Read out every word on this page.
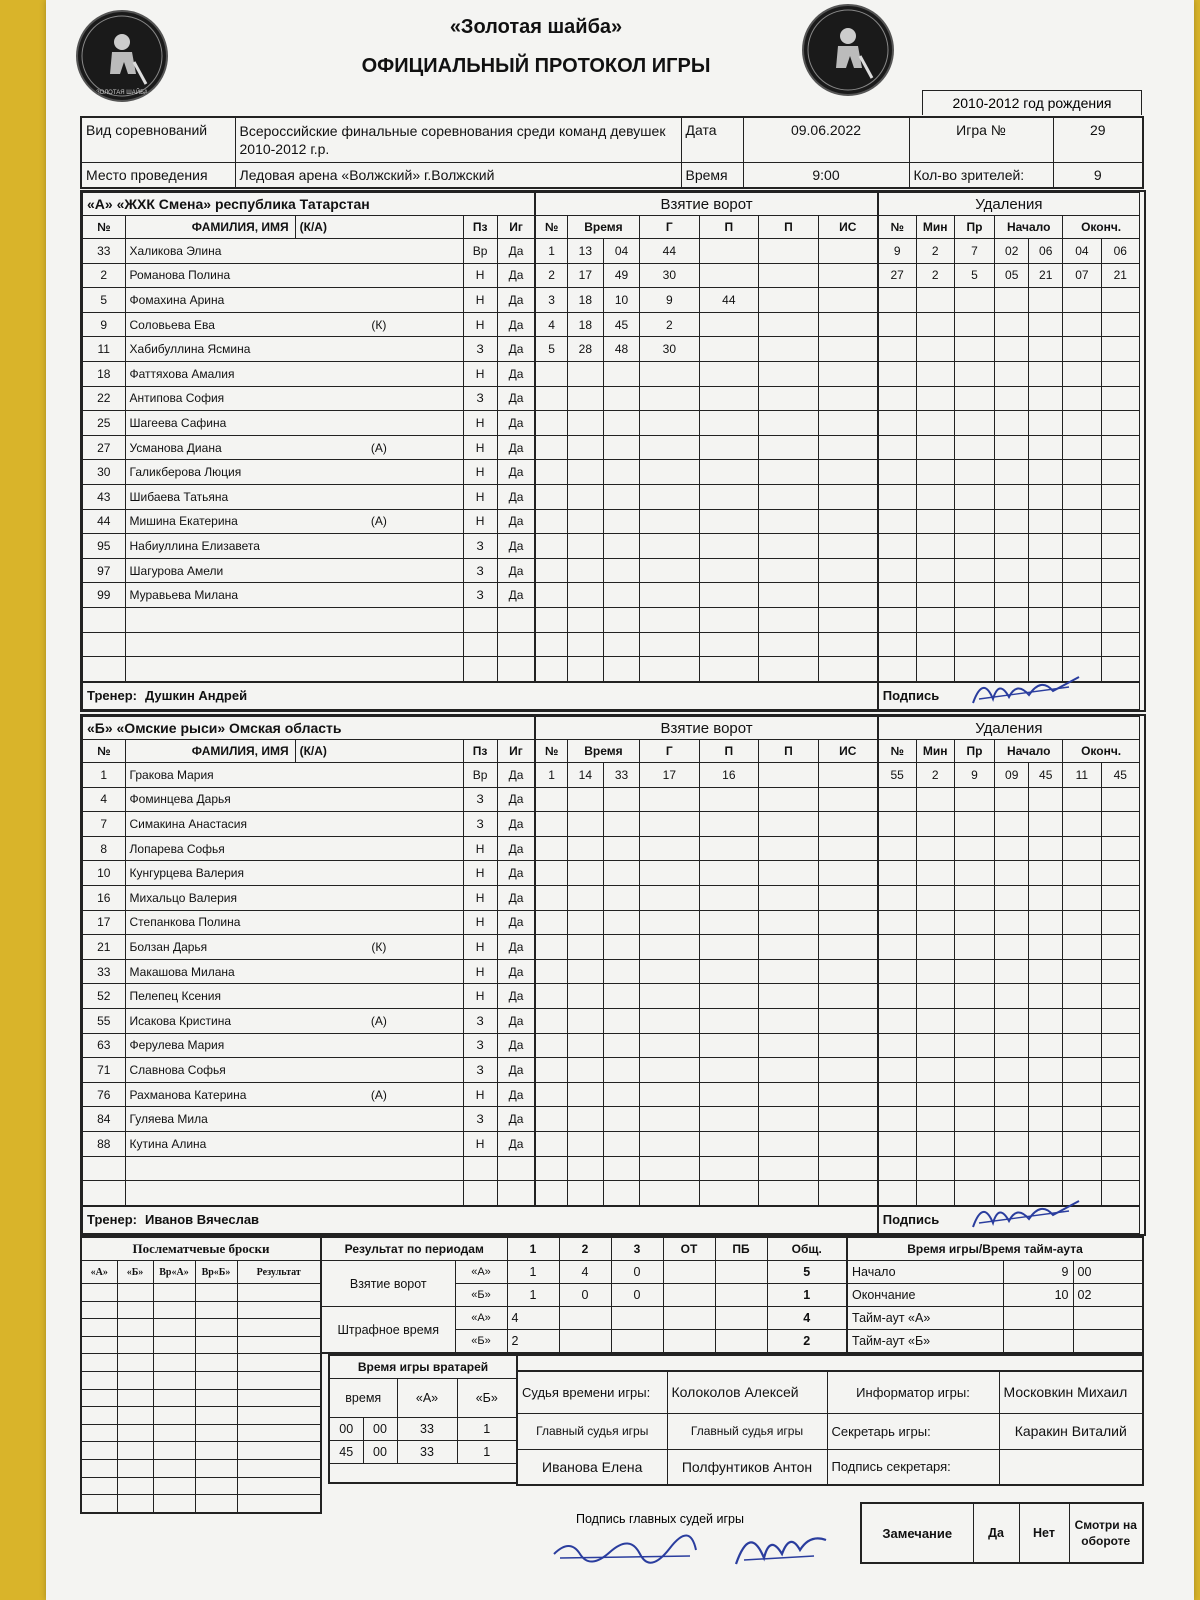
ЗОЛОТАЯ ШАЙБА
«Золотая шайба»
ОФИЦИАЛЬНЫЙ ПРОТОКОЛ ИГРЫ
2010-2012 год рождения
Вид соревнований	Всероссийские финальные соревнования среди команд девушек 2010-2012 г.р.	Дата	09.06.2022	Игра №	29
Место проведения	Ледовая арена «Волжский» г.Волжский	Время	9:00	Кол-во зрителей:	9
«А» «ЖХК Смена» республика Татарстан					Взятие ворот							Удаления						
№	ФАМИЛИЯ, ИМЯ	(К/А)	Пз	Иг	№	Время		Г	П	П	ИС	№	Мин	Пр	Начало		Оконч.	
33	Халикова Элина		Вр	Да	1	13	04	44				9	2	7	02	06	04	06
2	Романова Полина		Н	Да	2	17	49	30				27	2	5	05	21	07	21
5	Фомахина Арина		Н	Да	3	18	10	9	44									
9	Соловьева Ева	(К)	Н	Да	4	18	45	2										
11	Хабибуллина Ясмина		З	Да	5	28	48	30										
18	Фаттяхова Амалия		Н	Да														
22	Антипова София		З	Да														
25	Шагеева Сафина		Н	Да														
27	Усманова Диана	(А)	Н	Да														
30	Галикберова Люция		Н	Да														
43	Шибаева Татьяна		Н	Да														
44	Мишина Екатерина	(А)	Н	Да														
95	Набиуллина Елизавета		З	Да														
97	Шагурова Амели		З	Да														
99	Муравьева Милана		З	Да														

Тренер: Душкин Андрей												Подпись						
«Б» «Омские рыси» Омская область					Взятие ворот							Удаления						
№	ФАМИЛИЯ, ИМЯ	(К/А)	Пз	Иг	№	Время		Г	П	П	ИС	№	Мин	Пр	Начало		Оконч.	
1	Гракова Мария		Вр	Да	1	14	33	17	16			55	2	9	09	45	11	45
4	Фоминцева Дарья		З	Да														
7	Симакина Анастасия		З	Да														
8	Лопарева Софья		Н	Да														
10	Кунгурцева Валерия		Н	Да														
16	Михальцо Валерия		Н	Да														
17	Степанкова Полина		Н	Да														
21	Болзан Дарья	(К)	Н	Да														
33	Макашова Милана		Н	Да														
52	Пелепец Ксения		Н	Да														
55	Исакова Кристина	(А)	З	Да														
63	Ферулева Мария		З	Да														
71	Славнова Софья		З	Да														
76	Рахманова Катерина	(А)	Н	Да														
84	Гуляева Мила		З	Да														
88	Кутина Алина		Н	Да														

Тренер: Иванов Вячеслав												Подпись						
Послематчевые броски				
«А»	«Б»	Вр«А»	Вр«Б»	Результат

Результат по периодам		1	2	3	ОТ	ПБ	Общ.
Взятие ворот	«А»	1	4	0			5
	«Б»	1	0	0			1
Штрафное время	«А»	4					4
	«Б»	2					2
Время игры/Время тайм-аута		
Начало	9	00
Окончание	10	02
Тайм-аут «А»		
Тайм-аут «Б»		
Время игры вратарей			
время		«А»	«Б»
00	00	33	1
45	00	33	1

Судья времени игры:	Колоколов Алексей	Информатор игры:	Московкин Михаил
Главный судья игры	Главный судья игры	Секретарь игры:	Каракин Виталий
Иванова Елена	Полфунтиков Антон	Подпись секретаря:	
Замечание	Да	Нет	Смотри на обороте
Подпись главных судей игры
